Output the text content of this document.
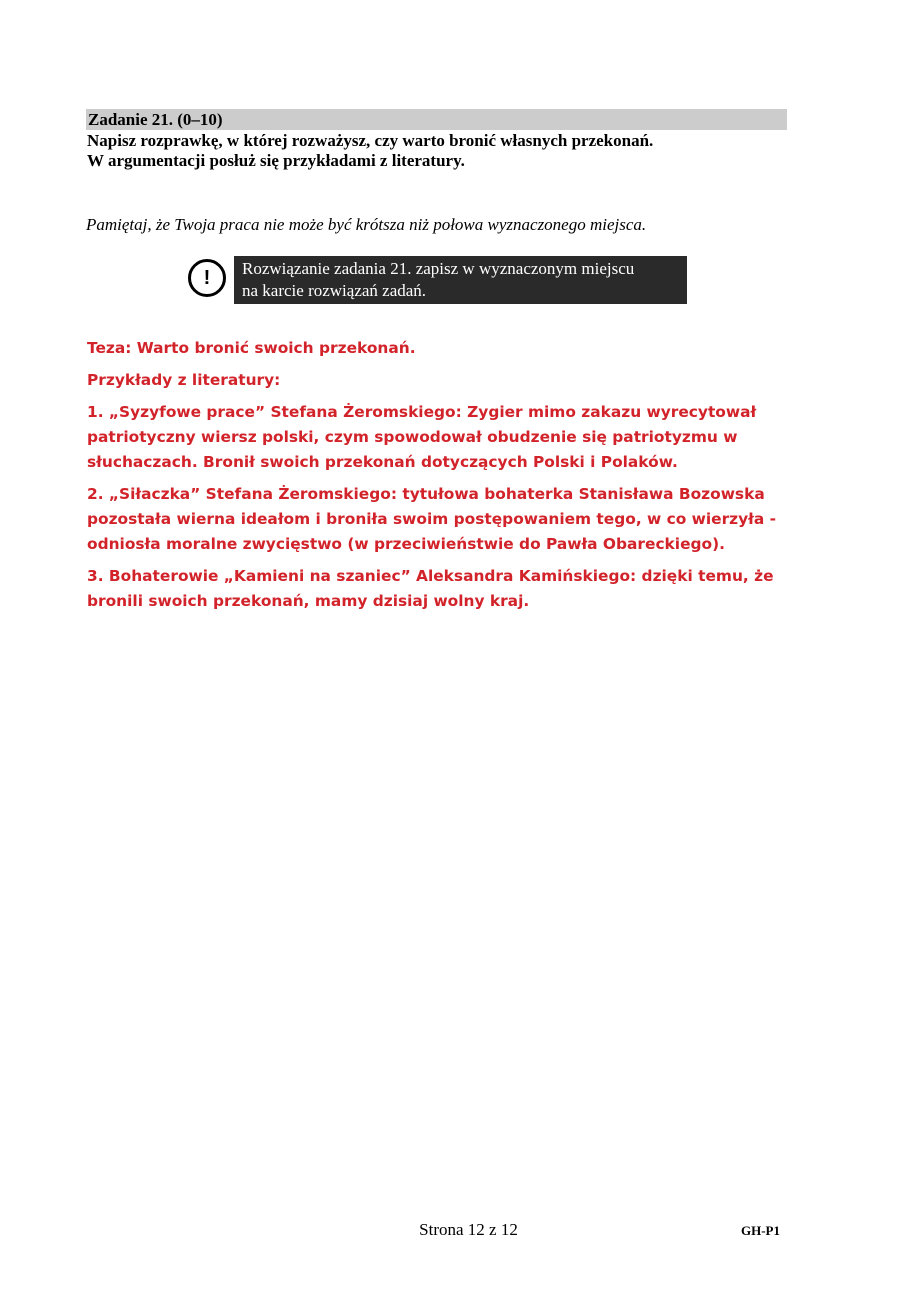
Zadanie 21. (0–10)
Napisz rozprawkę, w której rozważysz, czy warto bronić własnych przekonań.
W argumentacji posłuż się przykładami z literatury.
Pamiętaj, że Twoja praca nie może być krótsza niż połowa wyznaczonego miejsca.
!	Rozwiązanie zadania 21. zapisz w wyznaczonym miejscu
na karcie rozwiązań zadań.

Teza: Warto bronić swoich przekonań.

Przykłady z literatury:

1. „Syzyfowe prace” Stefana Żeromskiego: Zygier mimo zakazu wyrecytował patriotyczny wiersz polski, czym spowodował obudzenie się patriotyzmu w słuchaczach. Bronił swoich przekonań dotyczących Polski i Polaków.

2. „Siłaczka” Stefana Żeromskiego: tytułowa bohaterka Stanisława Bozowska pozostała wierna ideałom i broniła swoim postępowaniem tego, w co wierzyła - odniosła moralne zwycięstwo (w przeciwieństwie do Pawła Obareckiego).

3. Bohaterowie „Kamieni na szaniec” Aleksandra Kamińskiego: dzięki temu, że bronili swoich przekonań, mamy dzisiaj wolny kraj.

Strona 12 z 12	GH-P1
